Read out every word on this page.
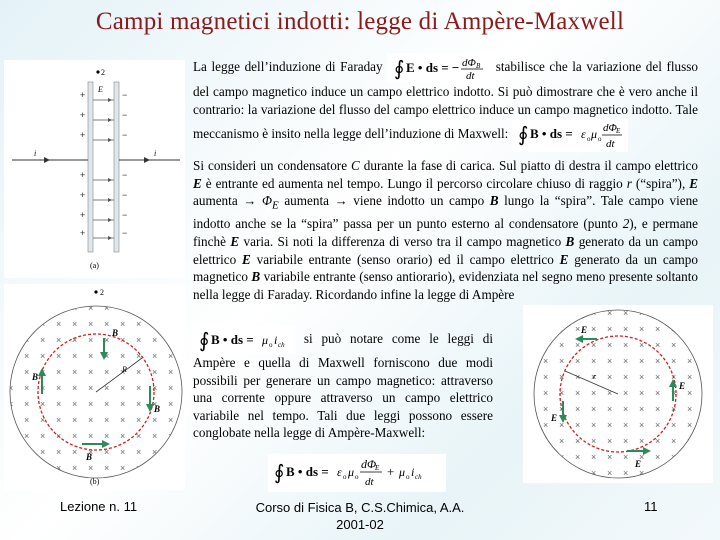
Campi magnetici indotti: legge di Ampère-Maxwell

La legge dell’induzione di Faraday ∮ E • ds = − dΦ B
dt
stabilisce che la variazione del flusso del campo magnetico induce un campo elettrico indotto. Si può dimostrare che è vero anche il contrario: la variazione del flusso del campo elettrico induce un campo magnetico indotto. Tale meccanismo è insito nella legge dell’induzione di Maxwell: ∮ B • ds = ε o μ o
dΦ E
dt

Si consideri un condensatore C durante la fase di carica. Sul piatto di destra il campo elettrico E è entrante ed aumenta nel tempo. Lungo il percorso circolare chiuso di raggio r (“spira”), E aumenta → $\Phi_E$ aumenta → viene indotto un campo B lungo la “spira”. Tale campo viene indotto anche se la “spira” passa per un punto esterno al condensatore (punto 2), e permane finchè E varia. Si noti la differenza di verso tra il campo magnetico B generato da un campo elettrico E variabile entrante (senso orario) ed il campo elettrico E generato da un campo magnetico B variabile entrante (senso antiorario), evidenziata nel segno meno presente soltanto nella legge di Faraday. Ricordando infine la legge di Ampère

∮ B • ds = μ o i ch si può notare come le leggi di Ampère e quella di Maxwell forniscono due modi possibili per generare un campo magnetico: attraverso una corrente oppure attraverso un campo elettrico variabile nel tempo. Tali due leggi possono essere conglobate nella legge di Ampère-Maxwell:

∮ B • ds = ε o μ o
dΦ
E
dt
+ μ o i ch
+
+
+
+
+
+
+
−
−
−
−
−
−
−
2
E
i	i
(a)
2
B
B
B
B
R
(b)
E
E
E
E
r
Lezione n. 11	Corso di Fisica B, C.S.Chimica, A.A.
2001-02
11
